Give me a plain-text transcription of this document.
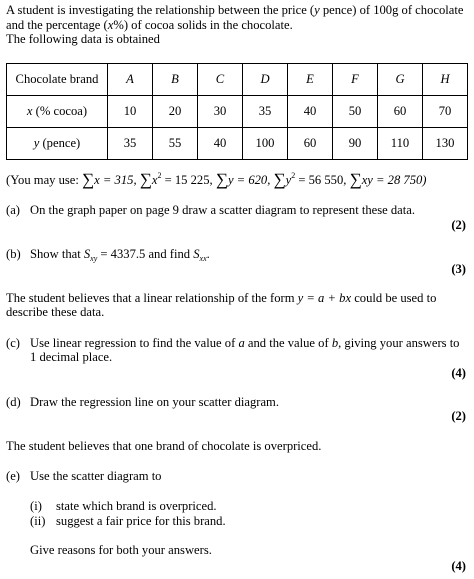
A student is investigating the relationship between the price (y pence) of 100g of chocolate
and the percentage (x%) of cocoa solids in the chocolate.
The following data is obtained
Chocolate brand	A	B	C	D	E	F	G	H
x (% cocoa)	10	20	30	35	40	50	60	70
y (pence)	35	55	40	100	60	90	110	130
(You may use: ∑x = 315, $\sum x^2 = 15$ 225, ∑y = 620, $\sum y^2 = 56$ 550, ∑xy = 28 750)
(a) On the graph paper on page 9 draw a scatter diagram to represent these data.
(2)
(b) Show that $S_{xy} = 4337.5$ and find $S_{xx}$.
(3)
The student believes that a linear relationship of the form y = a + bx could be used to
describe these data.
(c) Use linear regression to find the value of a and the value of b, giving your answers to
1 decimal place.
(4)
(d) Draw the regression line on your scatter diagram.
(2)
The student believes that one brand of chocolate is overpriced.
(e) Use the scatter diagram to
(i) state which brand is overpriced.
(ii) suggest a fair price for this brand.
Give reasons for both your answers.
(4)
